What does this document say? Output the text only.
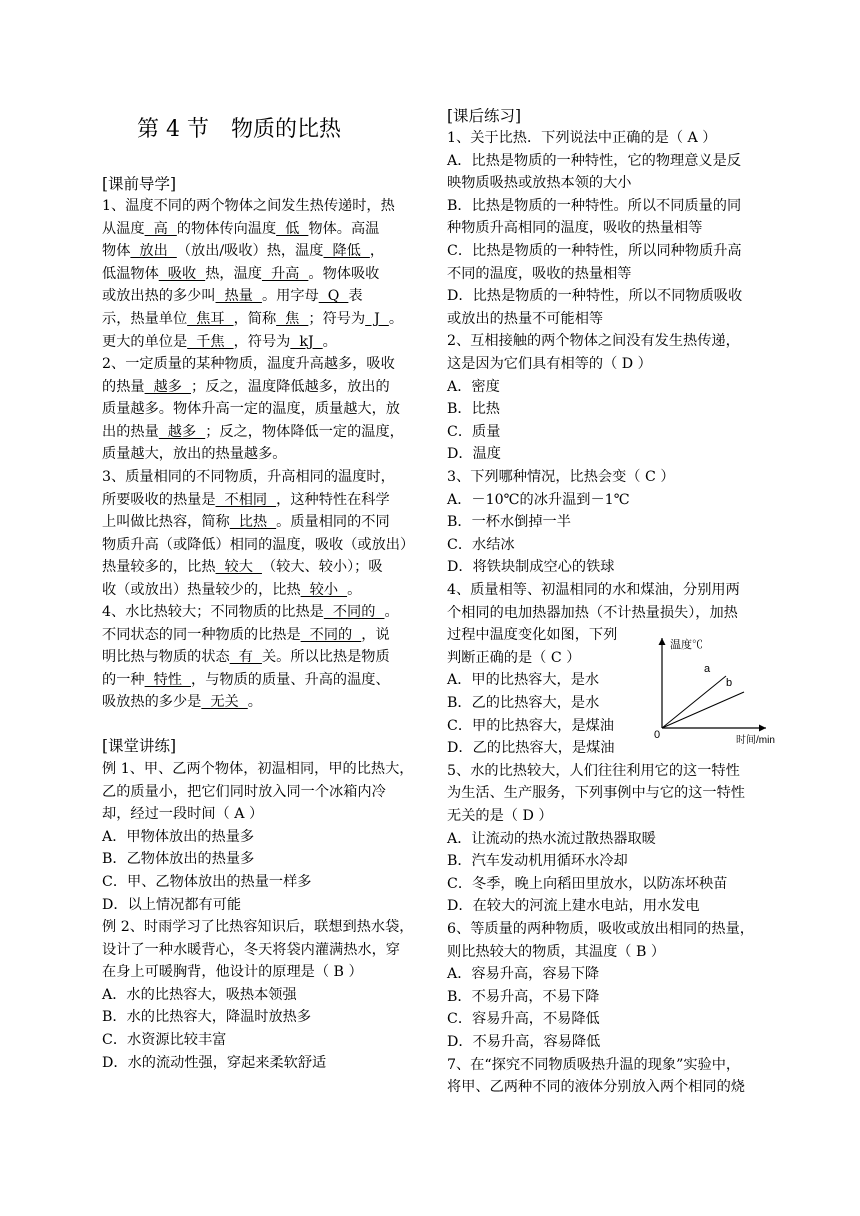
第 4 节　物质的比热
[课前导学]
[课堂讲练]
[课后练习]
温度℃
时间/min
0
a
b
1、温度不同的两个物体之间发生热传递时，热
从温度  高  的物体传向温度  低  物体。高温
物体  放出  （放出/吸收）热，温度  降低  ，
低温物体  吸收  热，温度  升高  。物体吸收
或放出热的多少叫  热量  。用字母  Q  表
示，热量单位  焦耳  ，简称  焦  ；符号为  J  。
更大的单位是  千焦  ，符号为  kJ  。
2、一定质量的某种物质，温度升高越多，吸收
的热量  越多  ；反之，温度降低越多，放出的
质量越多。物体升高一定的温度，质量越大，放
出的热量  越多  ；反之，物体降低一定的温度，
质量越大，放出的热量越多。
3、质量相同的不同物质，升高相同的温度时，
所要吸收的热量是  不相同  ，这种特性在科学
上叫做比热容，简称  比热  。质量相同的不同
物质升高（或降低）相同的温度，吸收（或放出）
热量较多的，比热  较大  （较大、较小）；吸
收（或放出）热量较少的，比热  较小  。
4、水比热较大；不同物质的比热是  不同的  。
不同状态的同一种物质的比热是  不同的  ，说
明比热与物质的状态  有  关。所以比热是物质
的一种  特性  ，与物质的质量、升高的温度、
吸放热的多少是  无关  。
例 1、甲、乙两个物体，初温相同，甲的比热大，
乙的质量小，把它们同时放入同一个冰箱内冷
却，经过一段时间（ A ）
A．甲物体放出的热量多
B．乙物体放出的热量多
C．甲、乙物体放出的热量一样多
D．以上情况都有可能
例 2、时雨学习了比热容知识后，联想到热水袋，
设计了一种水暖背心，冬天将袋内灌满热水，穿
在身上可暖胸背，他设计的原理是（ B ）
A．水的比热容大，吸热本领强
B．水的比热容大，降温时放热多
C．水资源比较丰富
D．水的流动性强，穿起来柔软舒适
1、关于比热．下列说法中正确的是（ A ）
A．比热是物质的一种特性，它的物理意义是反
映物质吸热或放热本领的大小
B．比热是物质的一种特性。所以不同质量的同
种物质升高相同的温度，吸收的热量相等
C．比热是物质的一种特性，所以同种物质升高
不同的温度，吸收的热量相等
D．比热是物质的一种特性，所以不同物质吸收
或放出的热量不可能相等
2、互相接触的两个物体之间没有发生热传递，
这是因为它们具有相等的（ D ）
A．密度
B．比热
C．质量
D．温度
3、下列哪种情况，比热会变（ C ）
A．－10℃的冰升温到－1℃
B．一杯水倒掉一半
C．水结冰
D．将铁块制成空心的铁球
4、质量相等、初温相同的水和煤油，分别用两
个相同的电加热器加热（不计热量损失），加热
过程中温度变化如图，下列
判断正确的是（ C ）
A．甲的比热容大，是水
B．乙的比热容大，是水
C．甲的比热容大，是煤油
D．乙的比热容大，是煤油
5、水的比热较大，人们往往利用它的这一特性
为生活、生产服务，下列事例中与它的这一特性
无关的是（ D ）
A．让流动的热水流过散热器取暖
B．汽车发动机用循环水冷却
C．冬季，晚上向稻田里放水，以防冻坏秧苗
D．在较大的河流上建水电站，用水发电
6、等质量的两种物质，吸收或放出相同的热量，
则比热较大的物质，其温度（ B ）
A．容易升高，容易下降
B．不易升高，不易下降
C．容易升高，不易降低
D．不易升高，容易降低
7、在“探究不同物质吸热升温的现象”实验中，
将甲、乙两种不同的液体分别放入两个相同的烧
